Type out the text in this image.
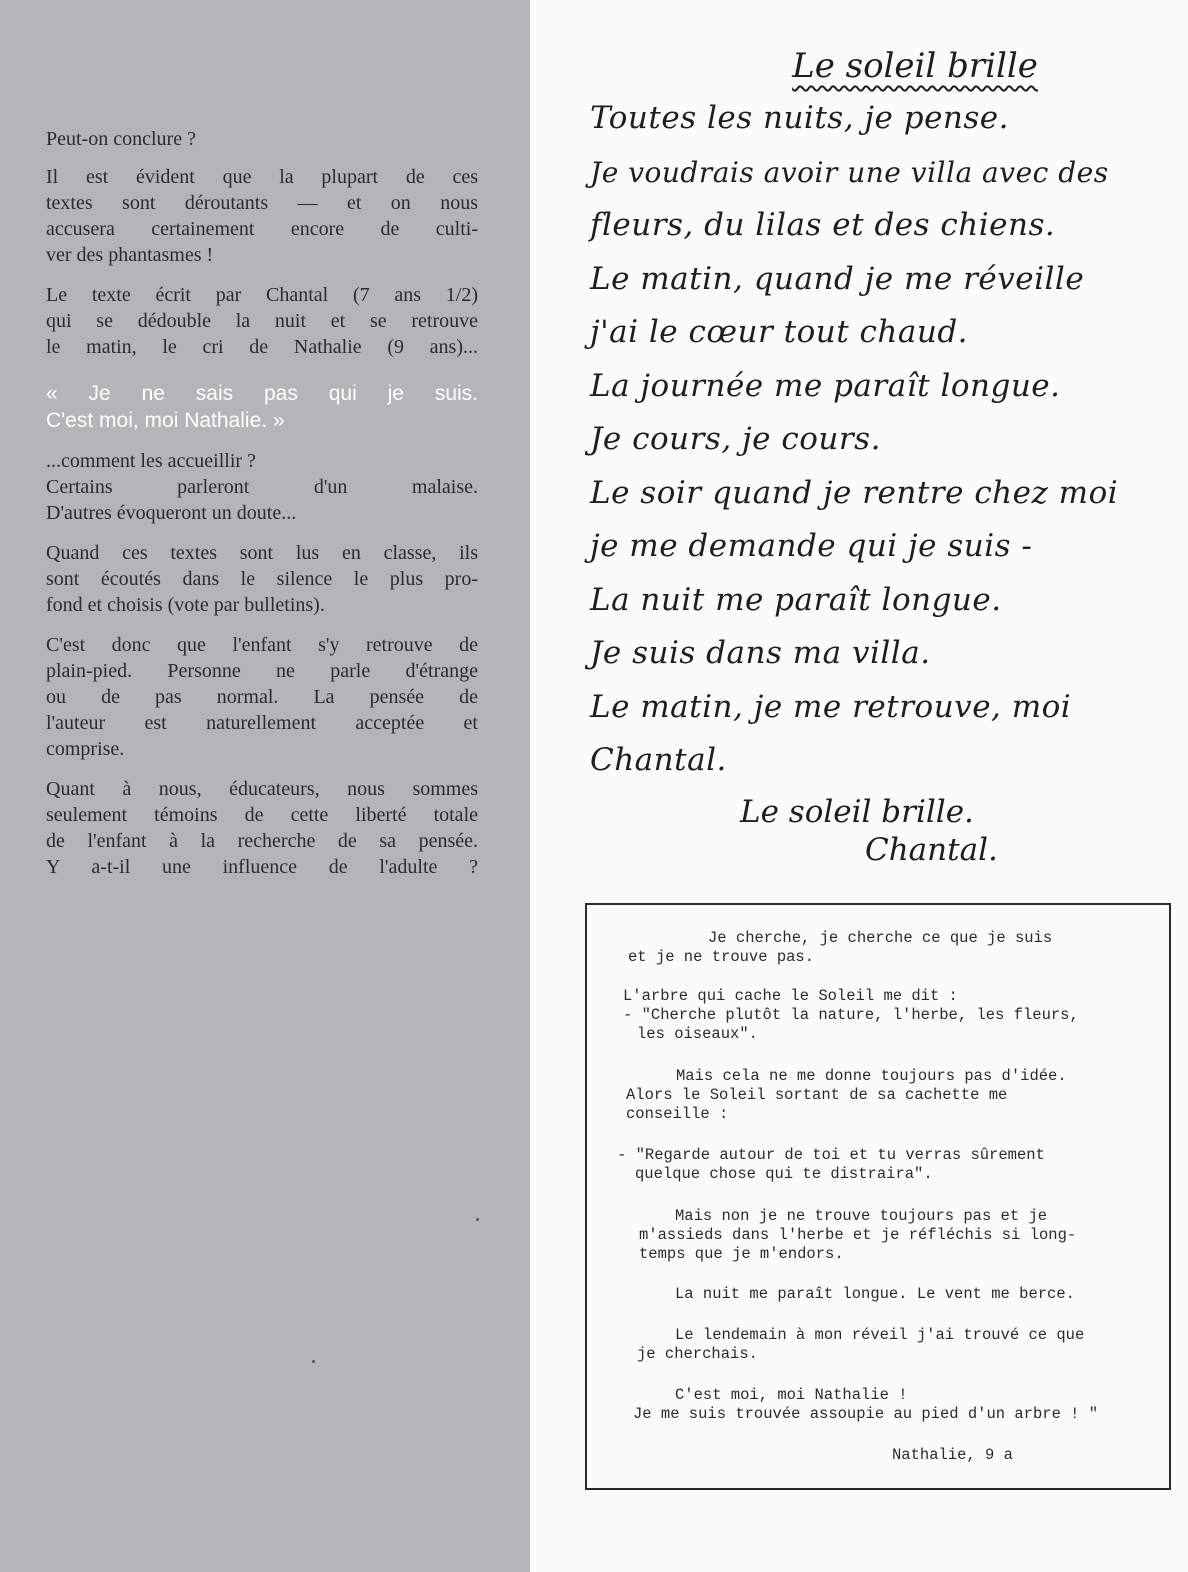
Peut-on conclure ?

Il est évident que la plupart de ces
textes sont déroutants — et on nous
accusera certainement encore de culti-
ver des phantasmes !

Le texte écrit par Chantal (7 ans 1/2)
qui se dédouble la nuit et se retrouve
le matin, le cri de Nathalie (9 ans)...

« Je ne sais pas qui je suis.
C'est moi, moi Nathalie. »

...comment les accueillir ?
Certains parleront d'un malaise.
D'autres évoqueront un doute...

Quand ces textes sont lus en classe, ils
sont écoutés dans le silence le plus pro-
fond et choisis (vote par bulletins).

C'est donc que l'enfant s'y retrouve de
plain-pied. Personne ne parle d'étrange
ou de pas normal. La pensée de
l'auteur est naturellement acceptée et
comprise.

Quant à nous, éducateurs, nous sommes
seulement témoins de cette liberté totale
de l'enfant à la recherche de sa pensée.
Y a-t-il une influence de l'adulte ?

Le soleil brille
Toutes les nuits, je pense.
Je voudrais avoir une villa avec des
fleurs, du lilas et des chiens.
Le matin, quand je me réveille
j'ai le cœur tout chaud.
La journée me paraît longue.
Je cours, je cours.
Le soir quand je rentre chez moi
je me demande qui je suis -
La nuit me paraît longue.
Je suis dans ma villa.
Le matin, je me retrouve, moi
Chantal.
Le soleil brille.
Chantal.
Je cherche, je cherche ce que je suis
et je ne trouve pas.
L'arbre qui cache le Soleil me dit :
- "Cherche plutôt la nature, l'herbe, les fleurs,
les oiseaux".
Mais cela ne me donne toujours pas d'idée.
Alors le Soleil sortant de sa cachette me
conseille :
- "Regarde autour de toi et tu verras sûrement
quelque chose qui te distraira".
Mais non je ne trouve toujours pas et je
m'assieds dans l'herbe et je réfléchis si long-
temps que je m'endors.
La nuit me paraît longue. Le vent me berce.
Le lendemain à mon réveil j'ai trouvé ce que
je cherchais.
C'est moi, moi Nathalie !
Je me suis trouvée assoupie au pied d'un arbre ! "
Nathalie, 9 a
